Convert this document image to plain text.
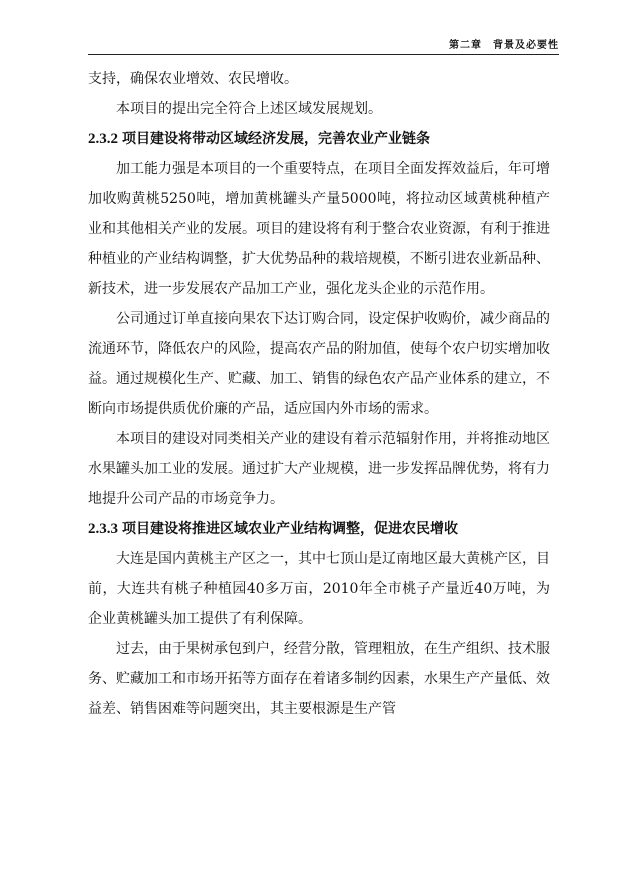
第二章　背景及必要性

支持，确保农业增效、农民增收。

本项目的提出完全符合上述区域发展规划。

2.3.2 项目建设将带动区域经济发展，完善农业产业链条

加工能力强是本项目的一个重要特点，在项目全面发挥效益后，年可增加收购黄桃5250吨，增加黄桃罐头产量5000吨，将拉动区域黄桃种植产业和其他相关产业的发展。项目的建设将有利于整合农业资源，有利于推进种植业的产业结构调整，扩大优势品种的栽培规模，不断引进农业新品种、新技术，进一步发展农产品加工产业，强化龙头企业的示范作用。

公司通过订单直接向果农下达订购合同，设定保护收购价，减少商品的流通环节，降低农户的风险，提高农产品的附加值，使每个农户切实增加收益。通过规模化生产、贮藏、加工、销售的绿色农产品产业体系的建立，不断向市场提供质优价廉的产品，适应国内外市场的需求。

本项目的建设对同类相关产业的建设有着示范辐射作用，并将推动地区水果罐头加工业的发展。通过扩大产业规模，进一步发挥品牌优势，将有力地提升公司产品的市场竞争力。

2.3.3 项目建设将推进区域农业产业结构调整，促进农民增收

大连是国内黄桃主产区之一，其中七顶山是辽南地区最大黄桃产区，目前，大连共有桃子种植园40多万亩，2010年全市桃子产量近40万吨，为企业黄桃罐头加工提供了有利保障。

过去，由于果树承包到户，经营分散，管理粗放，在生产组织、技术服务、贮藏加工和市场开拓等方面存在着诸多制约因素，水果生产产量低、效益差、销售困难等问题突出，其主要根源是生产管
